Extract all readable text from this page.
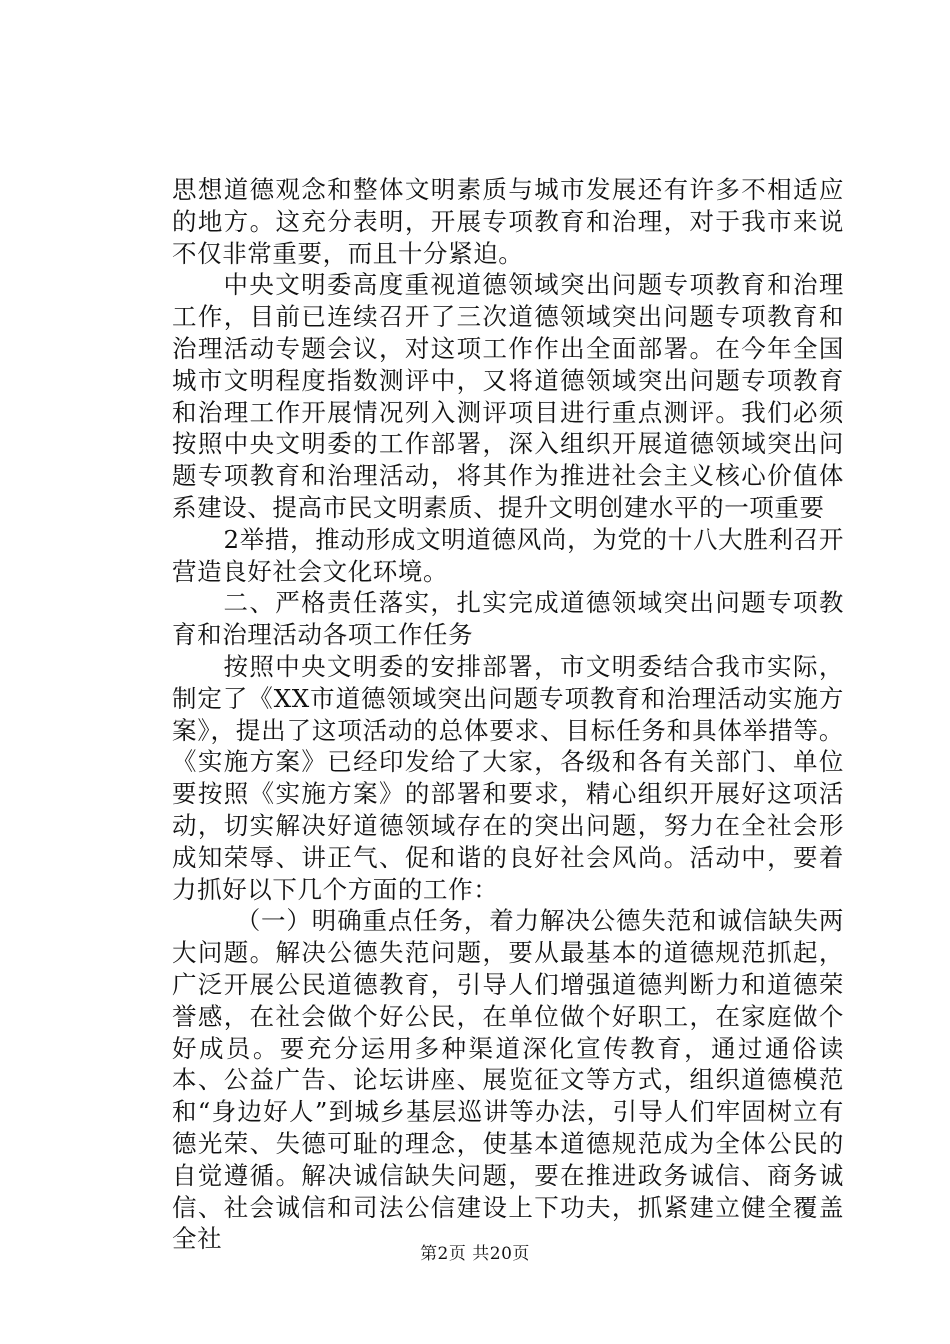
思想道德观念和整体文明素质与城市发展还有许多不相适应的地方。这充分表明，开展专项教育和治理，对于我市来说不仅非常重要，而且十分紧迫。

中央文明委高度重视道德领域突出问题专项教育和治理工作，目前已连续召开了三次道德领域突出问题专项教育和治理活动专题会议，对这项工作作出全面部署。在今年全国城市文明程度指数测评中，又将道德领域突出问题专项教育和治理工作开展情况列入测评项目进行重点测评。我们必须按照中央文明委的工作部署，深入组织开展道德领域突出问题专项教育和治理活动，将其作为推进社会主义核心价值体系建设、提高市民文明素质、提升文明创建水平的一项重要

2举措，推动形成文明道德风尚，为党的十八大胜利召开营造良好社会文化环境。

二、严格责任落实，扎实完成道德领域突出问题专项教育和治理活动各项工作任务

按照中央文明委的安排部署，市文明委结合我市实际，制定了《XX市道德领域突出问题专项教育和治理活动实施方案》，提出了这项活动的总体要求、目标任务和具体举措等。《实施方案》已经印发给了大家，各级和各有关部门、单位要按照《实施方案》的部署和要求，精心组织开展好这项活动，切实解决好道德领域存在的突出问题，努力在全社会形成知荣辱、讲正气、促和谐的良好社会风尚。活动中，要着力抓好以下几个方面的工作：

（一）明确重点任务，着力解决公德失范和诚信缺失两大问题。解决公德失范问题，要从最基本的道德规范抓起，广泛开展公民道德教育，引导人们增强道德判断力和道德荣誉感，在社会做个好公民，在单位做个好职工，在家庭做个好成员。要充分运用多种渠道深化宣传教育，通过通俗读本、公益广告、论坛讲座、展览征文等方式，组织道德模范和“身边好人”到城乡基层巡讲等办法，引导人们牢固树立有德光荣、失德可耻的理念，使基本道德规范成为全体公民的自觉遵循。解决诚信缺失问题，要在推进政务诚信、商务诚信、社会诚信和司法公信建设上下功夫，抓紧建立健全覆盖全社

第2页 共20页
